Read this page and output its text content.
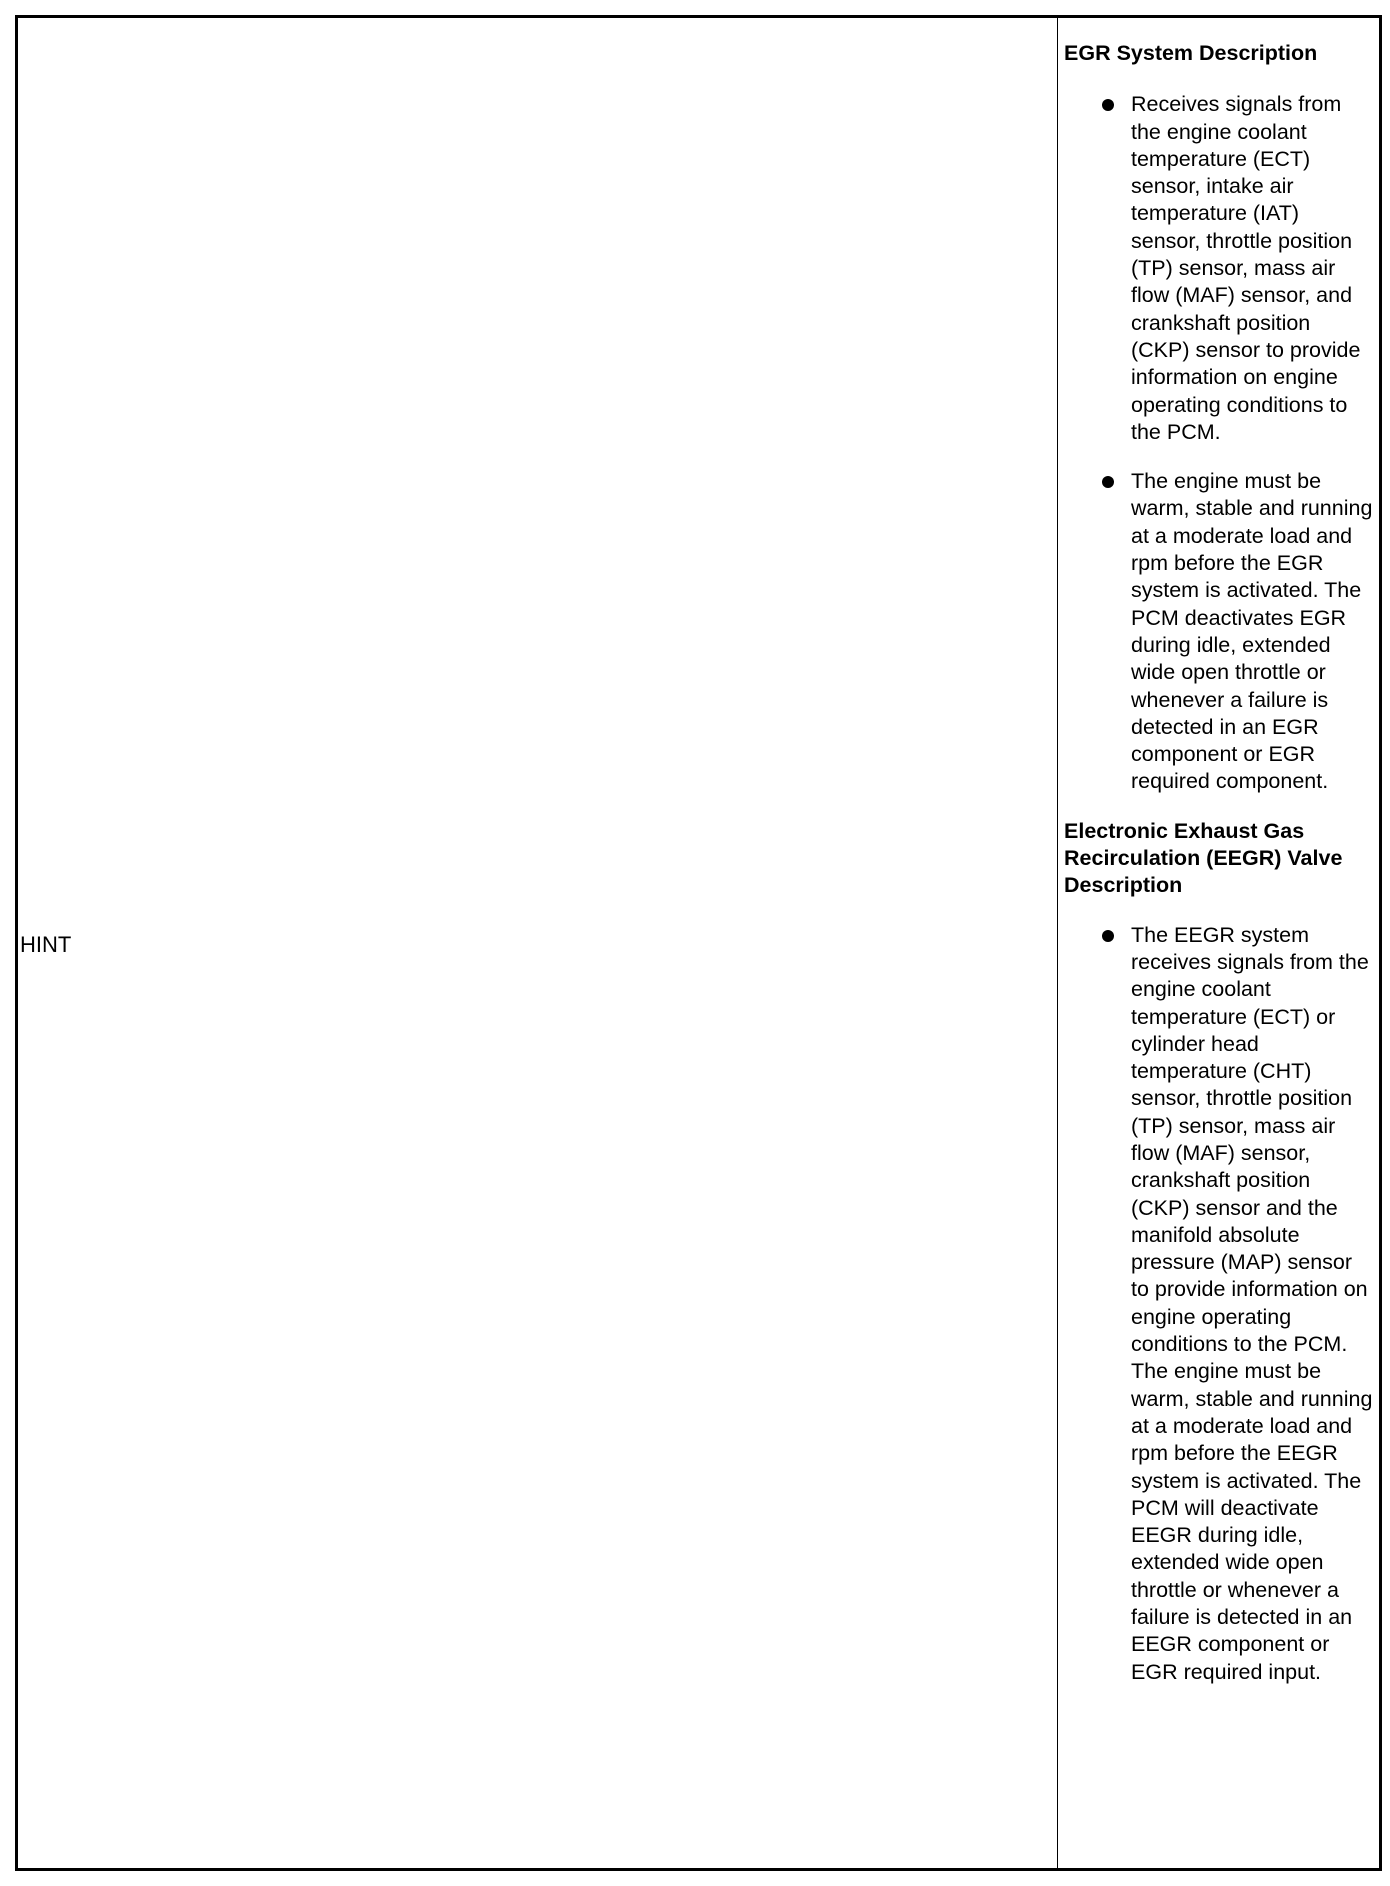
HINT
EGR System Description
Receives signals from the engine coolant temperature (ECT) sensor, intake air temperature (IAT) sensor, throttle position (TP) sensor, mass air flow (MAF) sensor, and crankshaft position (CKP) sensor to provide information on engine operating conditions to the PCM.
The engine must be warm, stable and running at a moderate load and rpm before the EGR system is activated. The PCM deactivates EGR during idle, extended wide open throttle or whenever a failure is detected in an EGR component or EGR required component.
Electronic Exhaust Gas Recirculation (EEGR) Valve Description
The EEGR system receives signals from the engine coolant temperature (ECT) or cylinder head temperature (CHT) sensor, throttle position (TP) sensor, mass air flow (MAF) sensor, crankshaft position (CKP) sensor and the manifold absolute pressure (MAP) sensor to provide information on engine operating conditions to the PCM. The engine must be warm, stable and running at a moderate load and rpm before the EEGR system is activated. The PCM will deactivate EEGR during idle, extended wide open throttle or whenever a failure is detected in an EEGR component or EGR required input.
